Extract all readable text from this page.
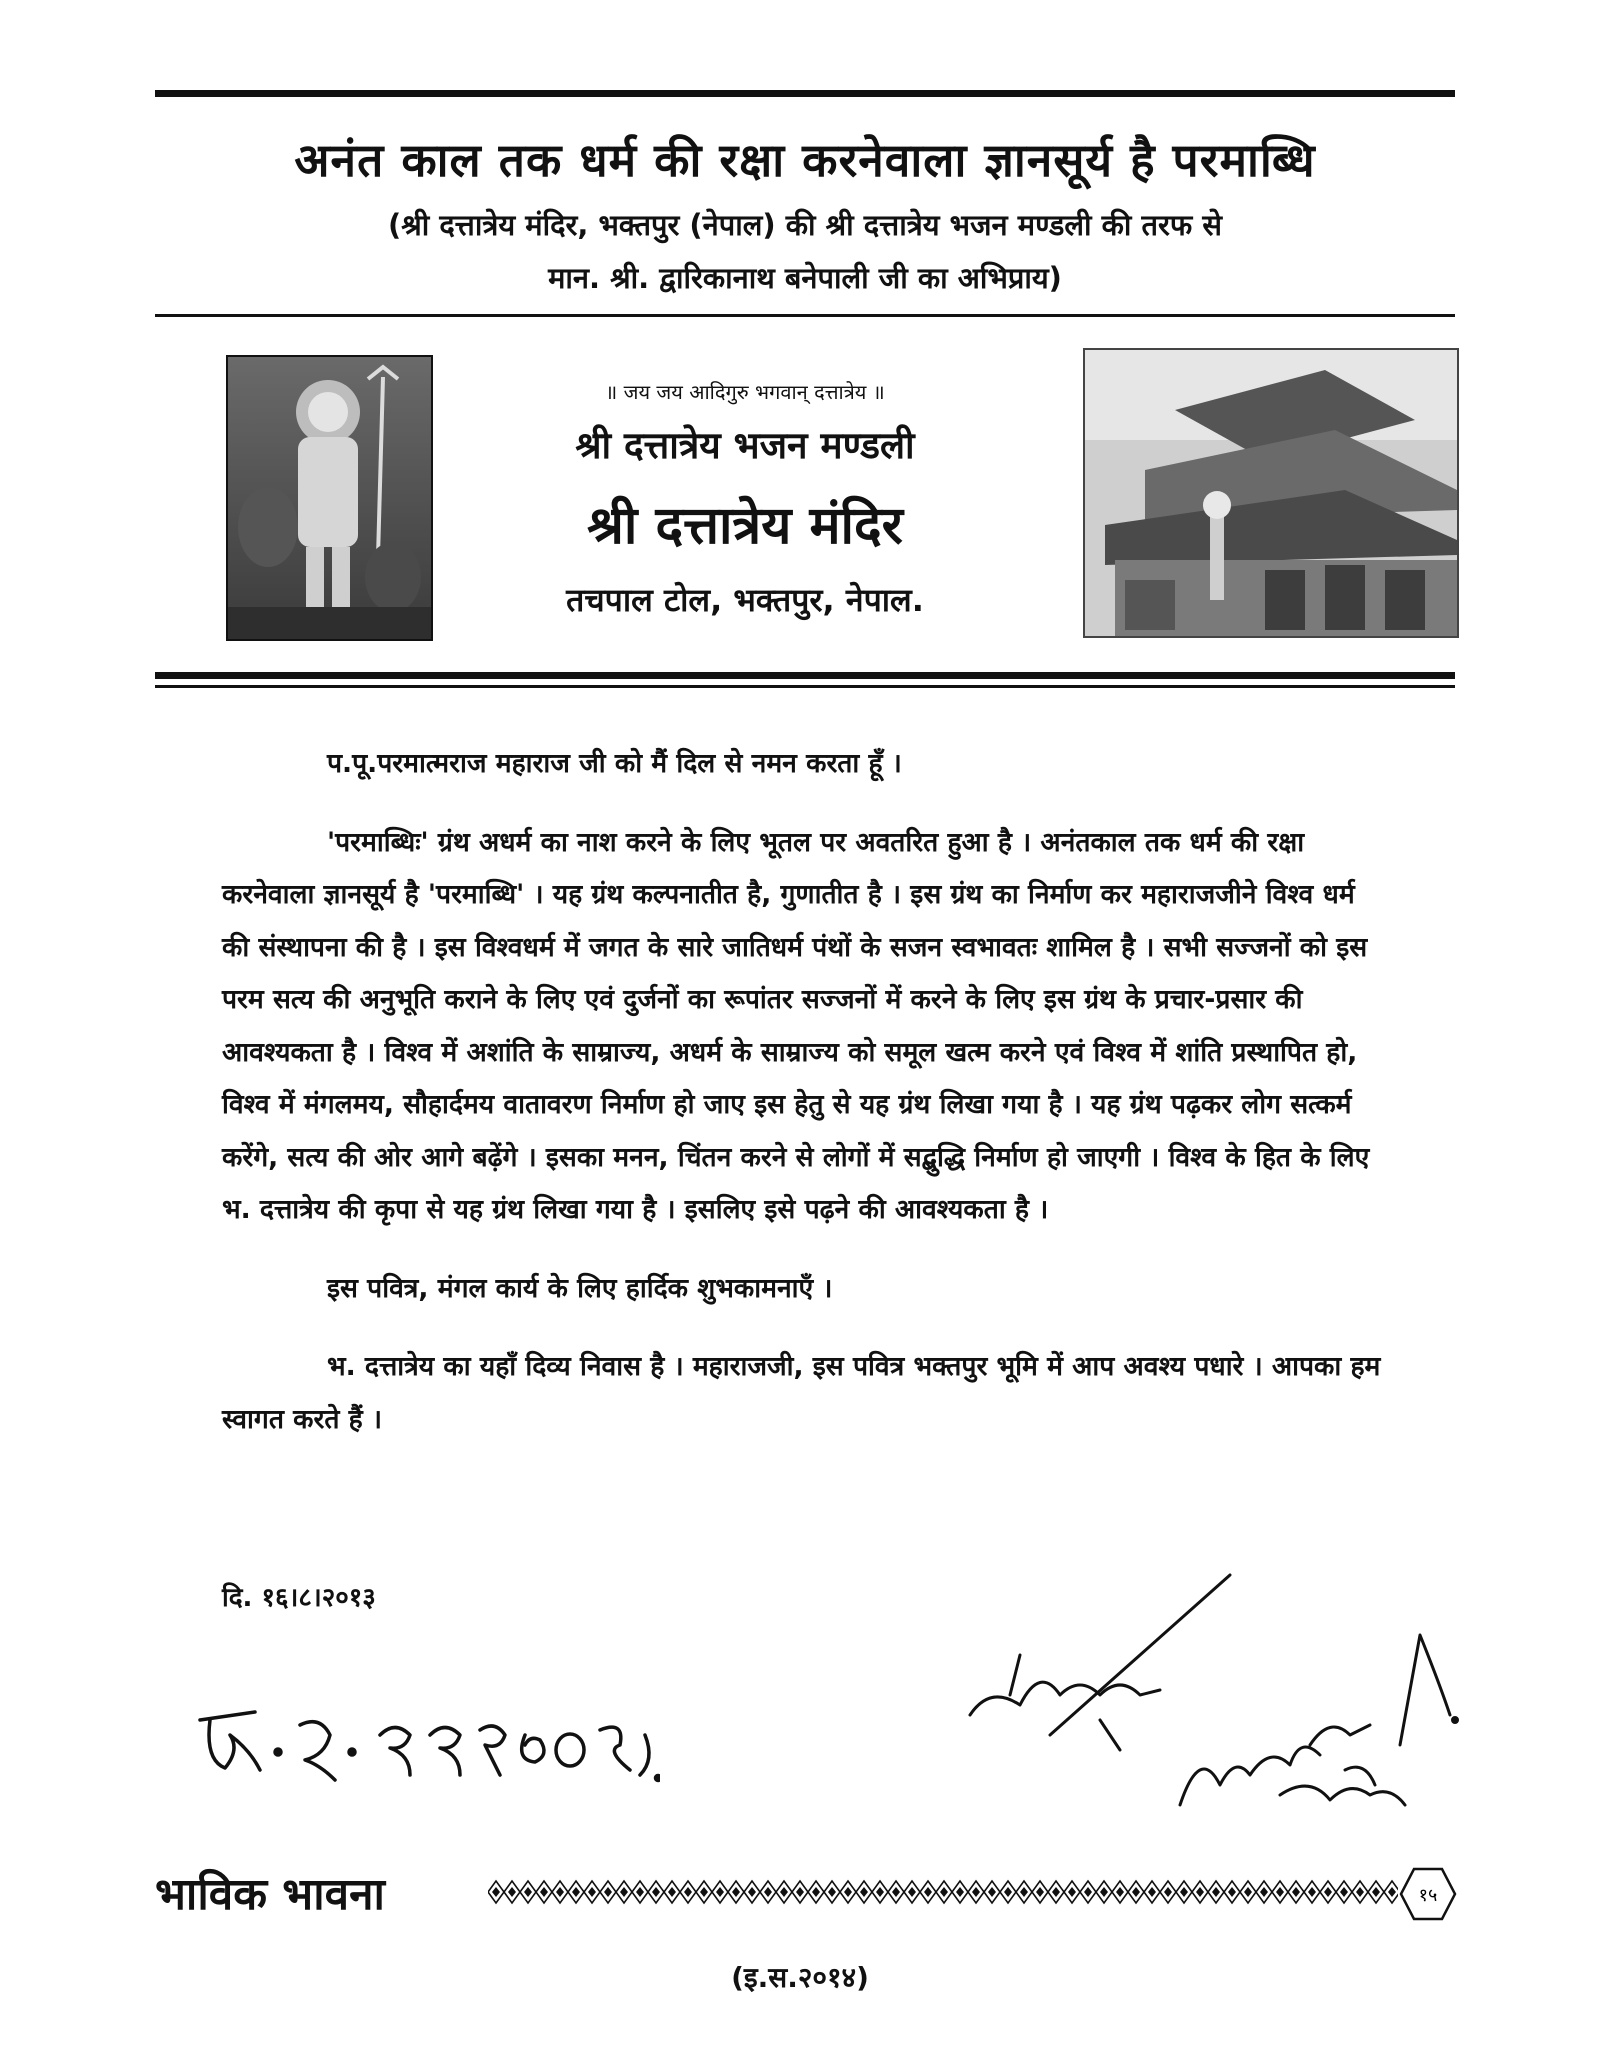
अनंत काल तक धर्म की रक्षा करनेवाला ज्ञानसूर्य है परमाब्धि
(श्री दत्तात्रेय मंदिर, भक्तपुर (नेपाल) की श्री दत्तात्रेय भजन मण्डली की तरफ से
मान. श्री. द्वारिकानाथ बनेपाली जी का अभिप्राय)
॥ जय जय आदिगुरु भगवान् दत्तात्रेय ॥
श्री दत्तात्रेय भजन मण्डली
श्री दत्तात्रेय मंदिर
तचपाल टोल, भक्तपुर, नेपाल.

प.पू.परमात्मराज महाराज जी को मैं दिल से नमन करता हूँ ।

'परमाब्धिः' ग्रंथ अधर्म का नाश करने के लिए भूतल पर अवतरित हुआ है । अनंतकाल तक धर्म की रक्षा करनेवाला ज्ञानसूर्य है 'परमाब्धि' । यह ग्रंथ कल्पनातीत है, गुणातीत है । इस ग्रंथ का निर्माण कर महाराजजीने विश्व धर्म की संस्थापना की है । इस विश्वधर्म में जगत के सारे जातिधर्म पंथों के सजन स्वभावतः शामिल है । सभी सज्जनों को इस परम सत्य की अनुभूति कराने के लिए एवं दुर्जनों का रूपांतर सज्जनों में करने के लिए इस ग्रंथ के प्रचार-प्रसार की आवश्यकता है । विश्व में अशांति के साम्राज्य, अधर्म के साम्राज्य को समूल खत्म करने एवं विश्व में शांति प्रस्थापित हो, विश्व में मंगलमय, सौहार्दमय वातावरण निर्माण हो जाए इस हेतु से यह ग्रंथ लिखा गया है । यह ग्रंथ पढ़कर लोग सत्कर्म करेंगे, सत्य की ओर आगे बढ़ेंगे । इसका मनन, चिंतन करने से लोगों में सद्बुद्धि निर्माण हो जाएगी । विश्व के हित के लिए भ. दत्तात्रेय की कृपा से यह ग्रंथ लिखा गया है । इसलिए इसे पढ़ने की आवश्यकता है ।

इस पवित्र, मंगल कार्य के लिए हार्दिक शुभकामनाएँ ।

भ. दत्तात्रेय का यहाँ दिव्य निवास है । महाराजजी, इस पवित्र भक्तपुर भूमि में आप अवश्य पधारे । आपका हम स्वागत करते हैं ।

दि. १६।८।२०१३
भाविक भावना	१५
(इ.स.२०१४)
